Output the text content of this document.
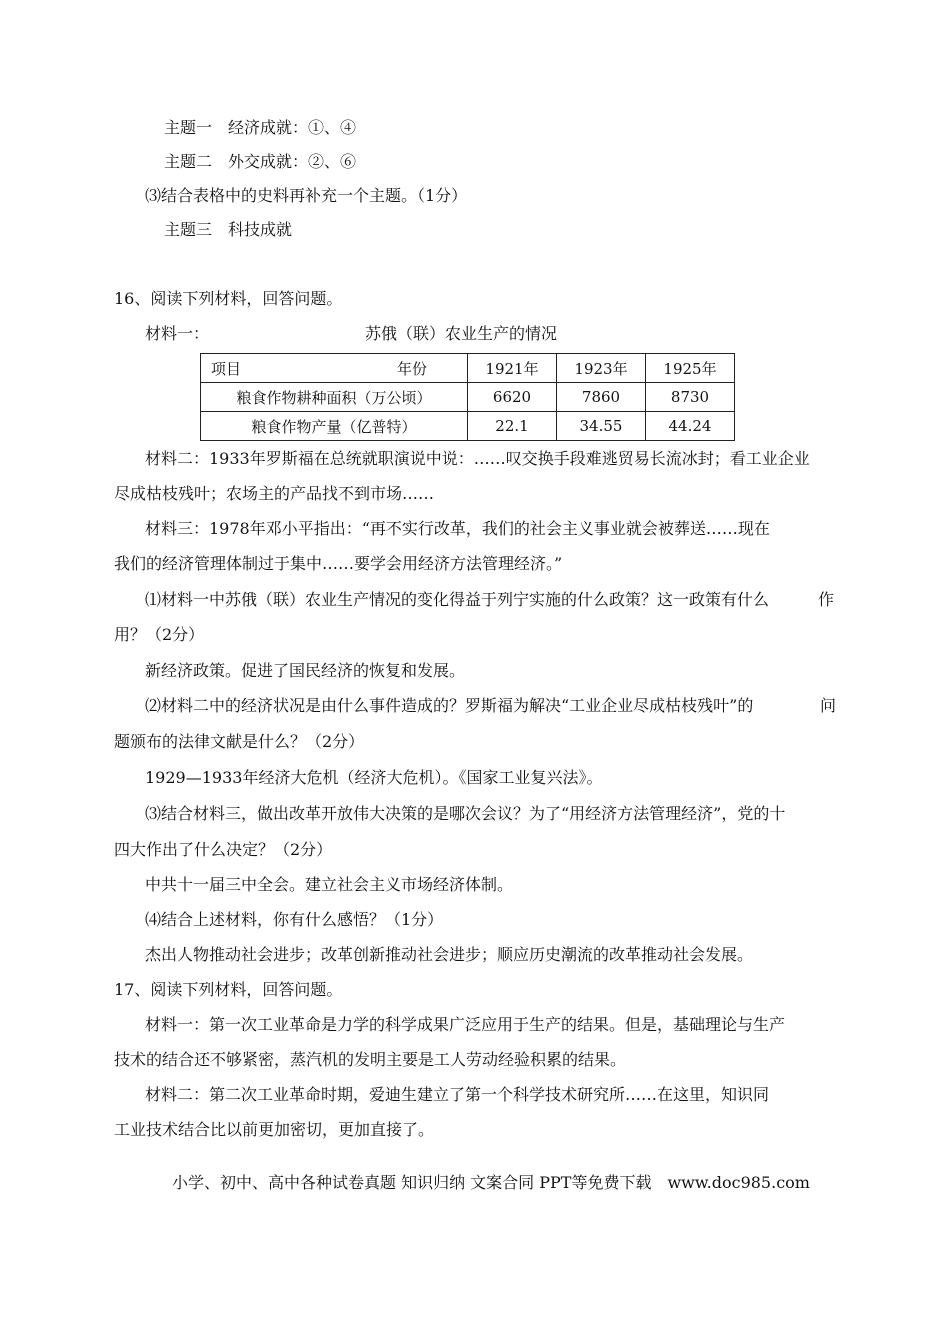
主题一　经济成就：①、④
主题二　外交成就：②、⑥
⑶结合表格中的史料再补充一个主题。（1分）
主题三　科技成就
16、阅读下列材料，回答问题。
材料一：	苏俄（联）农业生产的情况
项目 年份	1921年	1923年	1925年
粮食作物耕种面积（万公顷）	6620	7860	8730
粮食作物产量（亿普特）	22.1	34.55	44.24
材料二：1933年罗斯福在总统就职演说中说：……叹交换手段难逃贸易长流冰封；看工业企业
尽成枯枝残叶；农场主的产品找不到市场……
材料三：1978年邓小平指出：“再不实行改革，我们的社会主义事业就会被葬送……现在
我们的经济管理体制过于集中……要学会用经济方法管理经济。”
⑴材料一中苏俄（联）农业生产情况的变化得益于列宁实施的什么政策？这一政策有什么	作
用？（2分）
新经济政策。促进了国民经济的恢复和发展。
⑵材料二中的经济状况是由什么事件造成的？罗斯福为解决“工业企业尽成枯枝残叶”的	问
题颁布的法律文献是什么？（2分）
1929—1933年经济大危机（经济大危机）。《国家工业复兴法》。
⑶结合材料三，做出改革开放伟大决策的是哪次会议？为了“用经济方法管理经济”，党的十
四大作出了什么决定？（2分）
中共十一届三中全会。建立社会主义市场经济体制。
⑷结合上述材料，你有什么感悟？（1分）
杰出人物推动社会进步；改革创新推动社会进步；顺应历史潮流的改革推动社会发展。
17、阅读下列材料，回答问题。
材料一：第一次工业革命是力学的科学成果广泛应用于生产的结果。但是，基础理论与生产
技术的结合还不够紧密，蒸汽机的发明主要是工人劳动经验积累的结果。
材料二：第二次工业革命时期，爱迪生建立了第一个科学技术研究所……在这里，知识同
工业技术结合比以前更加密切，更加直接了。
小学、初中、高中各种试卷真题 知识归纳 文案合同 PPT等免费下载　www.doc985.com
